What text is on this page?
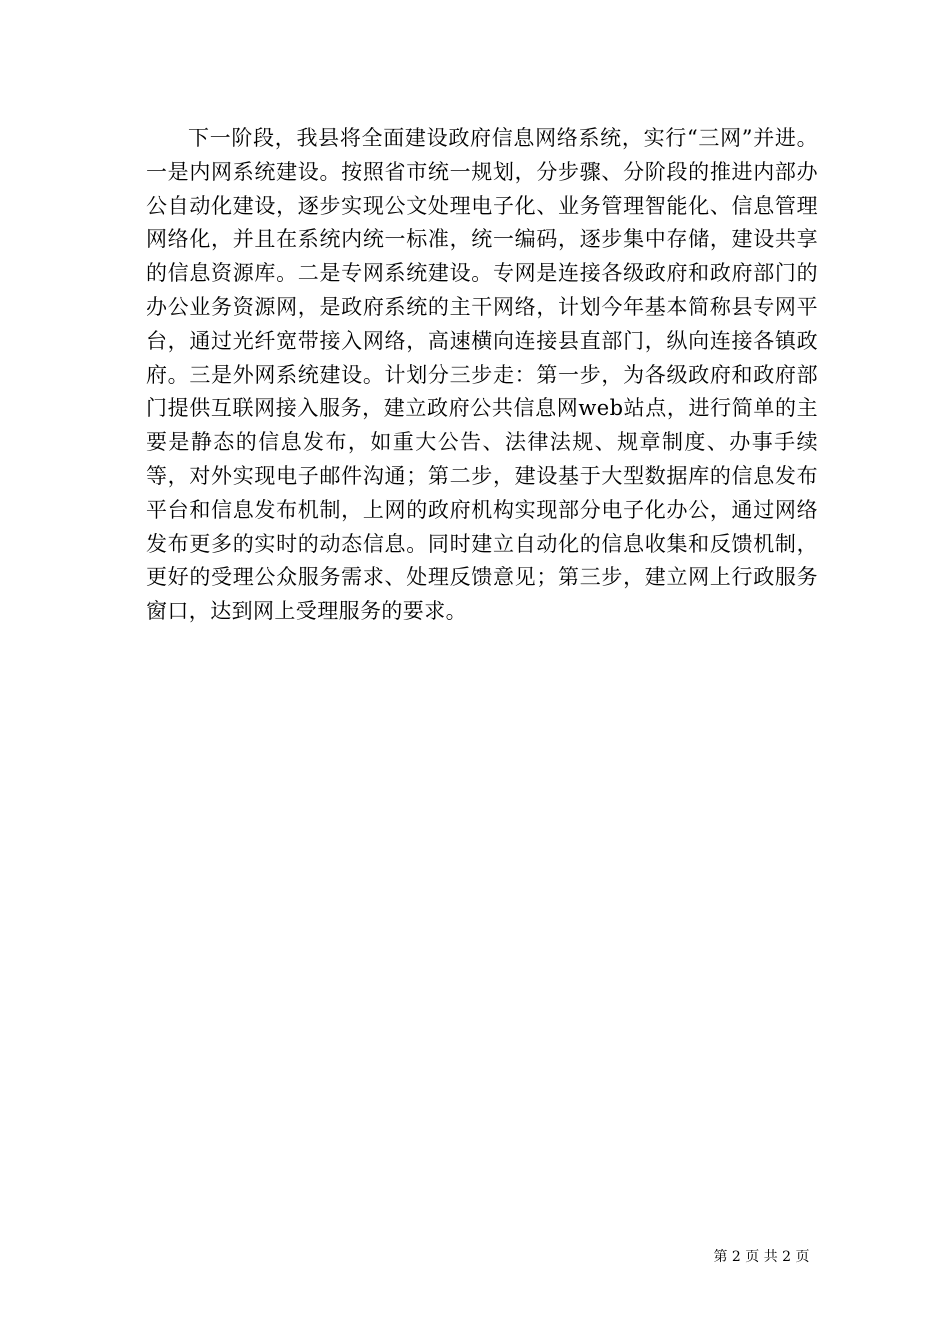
下一阶段，我县将全面建设政府信息网络系统，实行“三网”并进。一是内网系统建设。按照省市统一规划，分步骤、分阶段的推进内部办公自动化建设，逐步实现公文处理电子化、业务管理智能化、信息管理网络化，并且在系统内统一标准，统一编码，逐步集中存储，建设共享的信息资源库。二是专网系统建设。专网是连接各级政府和政府部门的办公业务资源网，是政府系统的主干网络，计划今年基本简称县专网平台，通过光纤宽带接入网络，高速横向连接县直部门，纵向连接各镇政府。三是外网系统建设。计划分三步走：第一步，为各级政府和政府部门提供互联网接入服务，建立政府公共信息网web站点，进行简单的主要是静态的信息发布，如重大公告、法律法规、规章制度、办事手续等，对外实现电子邮件沟通；第二步，建设基于大型数据库的信息发布平台和信息发布机制，上网的政府机构实现部分电子化办公，通过网络发布更多的实时的动态信息。同时建立自动化的信息收集和反馈机制，更好的受理公众服务需求、处理反馈意见；第三步，建立网上行政服务窗口，达到网上受理服务的要求。

第 2 页 共 2 页
